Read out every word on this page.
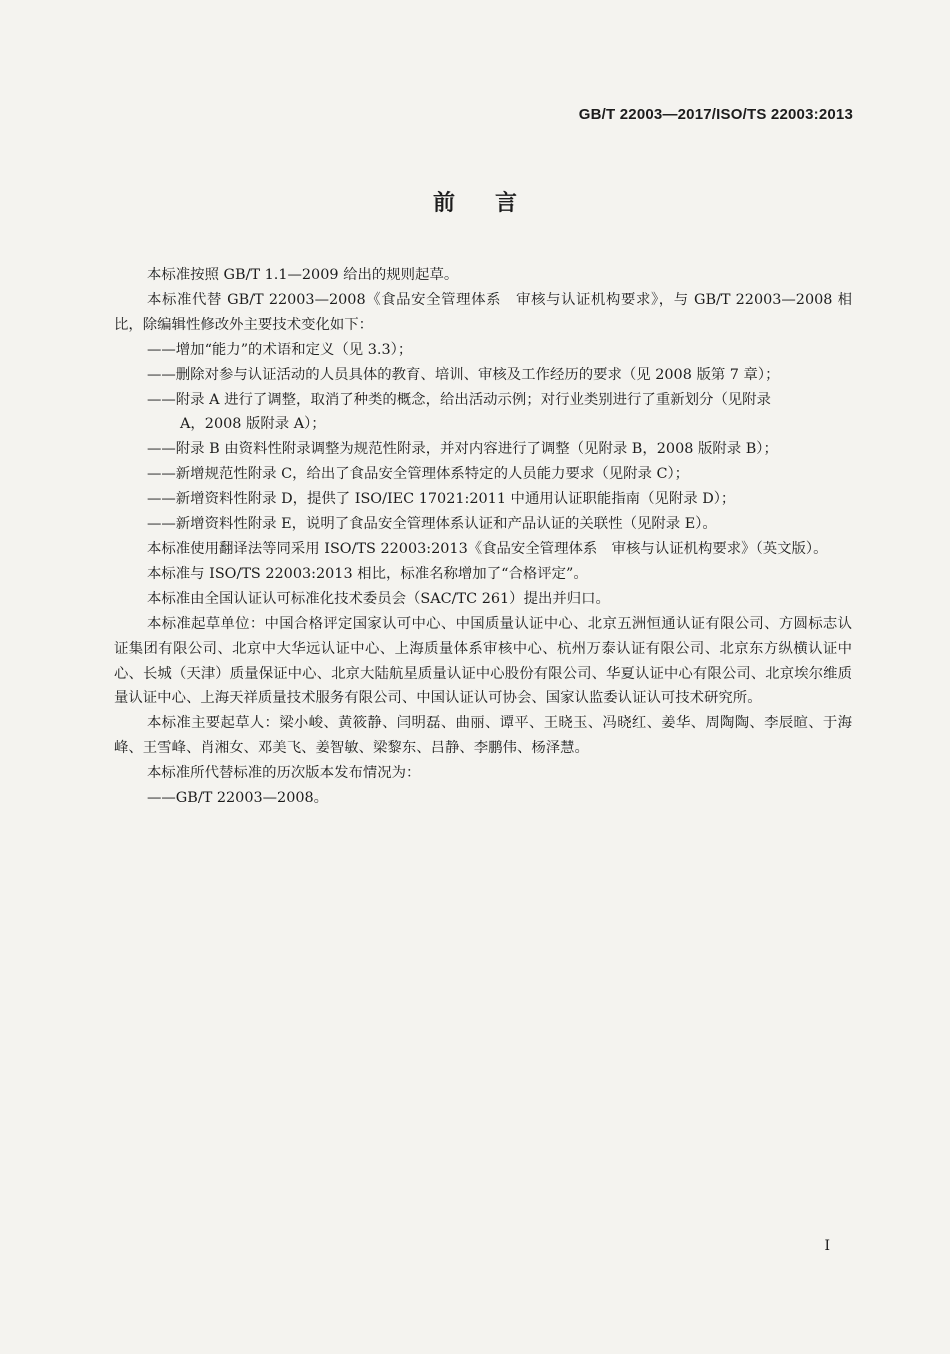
GB/T 22003—2017/ISO/TS 22003:2013
前言

本标准按照 GB/T 1.1—2009 给出的规则起草。

本标准代替 GB/T 22003—2008《食品安全管理体系　审核与认证机构要求》，与 GB/T 22003—2008 相比，除编辑性修改外主要技术变化如下：

——增加“能力”的术语和定义（见 3.3）；

——删除对参与认证活动的人员具体的教育、培训、审核及工作经历的要求（见 2008 版第 7 章）；

——附录 A 进行了调整，取消了种类的概念，给出活动示例；对行业类别进行了重新划分（见附录
A，2008 版附录 A）；

——附录 B 由资料性附录调整为规范性附录，并对内容进行了调整（见附录 B，2008 版附录 B）；

——新增规范性附录 C，给出了食品安全管理体系特定的人员能力要求（见附录 C）；

——新增资料性附录 D，提供了 ISO/IEC 17021:2011 中通用认证职能指南（见附录 D）；

——新增资料性附录 E，说明了食品安全管理体系认证和产品认证的关联性（见附录 E）。

本标准使用翻译法等同采用 ISO/TS 22003:2013《食品安全管理体系　审核与认证机构要求》（英文版）。

本标准与 ISO/TS 22003:2013 相比，标准名称增加了“合格评定”。

本标准由全国认证认可标准化技术委员会（SAC/TC 261）提出并归口。

本标准起草单位：中国合格评定国家认可中心、中国质量认证中心、北京五洲恒通认证有限公司、方圆标志认证集团有限公司、北京中大华远认证中心、上海质量体系审核中心、杭州万泰认证有限公司、北京东方纵横认证中心、长城（天津）质量保证中心、北京大陆航星质量认证中心股份有限公司、华夏认证中心有限公司、北京埃尔维质量认证中心、上海天祥质量技术服务有限公司、中国认证认可协会、国家认监委认证认可技术研究所。

本标准主要起草人：梁小峻、黄筱静、闫明磊、曲丽、谭平、王晓玉、冯晓红、姜华、周陶陶、李辰暄、于海峰、王雪峰、肖湘女、邓美飞、姜智敏、梁黎东、吕静、李鹏伟、杨泽慧。

本标准所代替标准的历次版本发布情况为：

——GB/T 22003—2008。

I
